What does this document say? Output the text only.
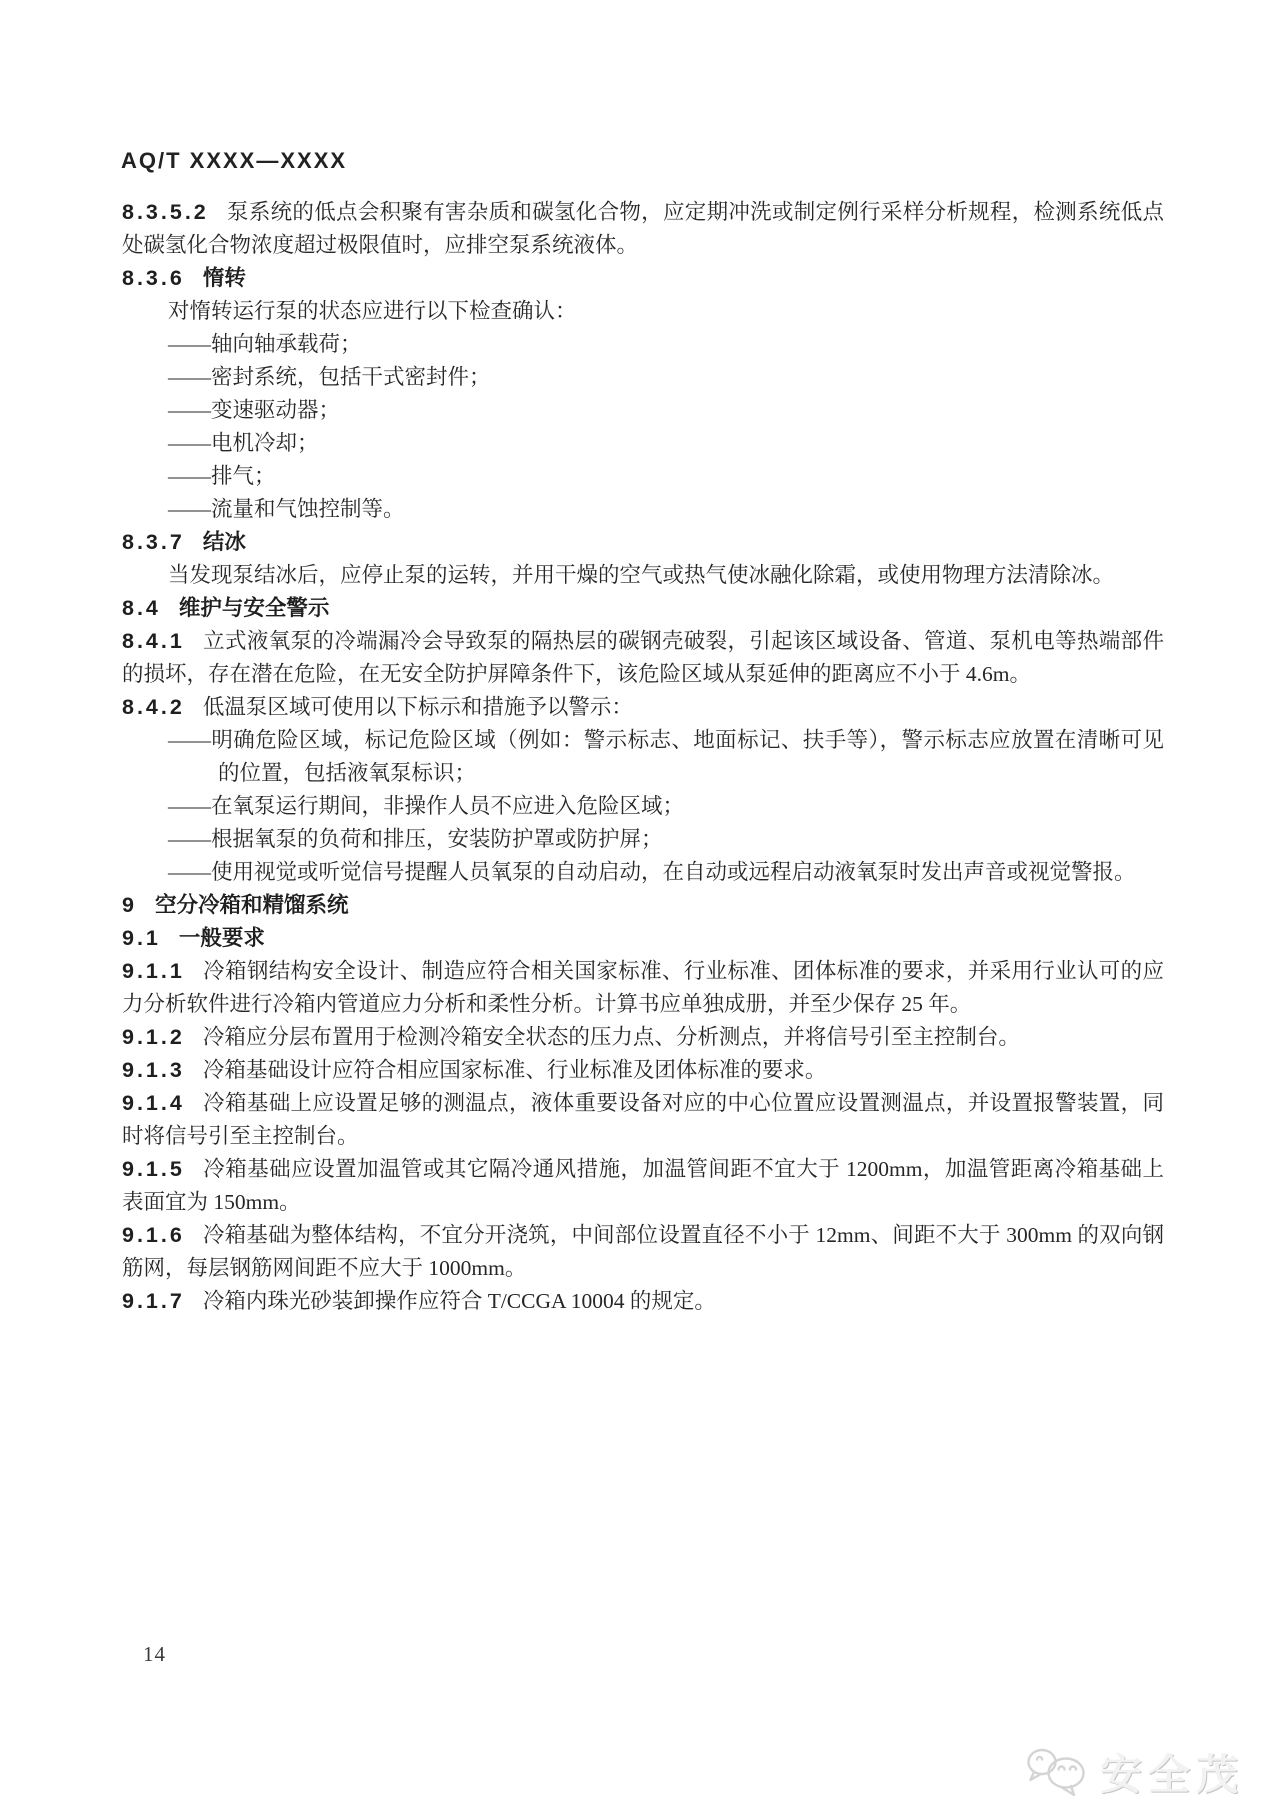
AQ/T XXXX—XXXX
8.3.5.2 泵系统的低点会积聚有害杂质和碳氢化合物，应定期冲洗或制定例行采样分析规程，检测系统低点处碳氢化合物浓度超过极限值时，应排空泵系统液体。
8.3.6 惰转
对惰转运行泵的状态应进行以下检查确认：
——轴向轴承载荷；
——密封系统，包括干式密封件；
——变速驱动器；
——电机冷却；
——排气；
——流量和气蚀控制等。
8.3.7 结冰
当发现泵结冰后，应停止泵的运转，并用干燥的空气或热气使冰融化除霜，或使用物理方法清除冰。
8.4 维护与安全警示
8.4.1 立式液氧泵的冷端漏冷会导致泵的隔热层的碳钢壳破裂，引起该区域设备、管道、泵机电等热端部件的损坏，存在潜在危险，在无安全防护屏障条件下，该危险区域从泵延伸的距离应不小于 4.6m。
8.4.2 低温泵区域可使用以下标示和措施予以警示：
——明确危险区域，标记危险区域（例如：警示标志、地面标记、扶手等），警示标志应放置在清晰可见的位置，包括液氧泵标识；
——在氧泵运行期间，非操作人员不应进入危险区域；
——根据氧泵的负荷和排压，安装防护罩或防护屏；
——使用视觉或听觉信号提醒人员氧泵的自动启动，在自动或远程启动液氧泵时发出声音或视觉警报。
9 空分冷箱和精馏系统
9.1 一般要求
9.1.1 冷箱钢结构安全设计、制造应符合相关国家标准、行业标准、团体标准的要求，并采用行业认可的应力分析软件进行冷箱内管道应力分析和柔性分析。计算书应单独成册，并至少保存 25 年。
9.1.2 冷箱应分层布置用于检测冷箱安全状态的压力点、分析测点，并将信号引至主控制台。
9.1.3 冷箱基础设计应符合相应国家标准、行业标准及团体标准的要求。
9.1.4 冷箱基础上应设置足够的测温点，液体重要设备对应的中心位置应设置测温点，并设置报警装置，同时将信号引至主控制台。
9.1.5 冷箱基础应设置加温管或其它隔冷通风措施，加温管间距不宜大于 1200mm，加温管距离冷箱基础上表面宜为 150mm。
9.1.6 冷箱基础为整体结构，不宜分开浇筑，中间部位设置直径不小于 12mm、间距不大于 300mm 的双向钢筋网，每层钢筋网间距不应大于 1000mm。
9.1.7 冷箱内珠光砂装卸操作应符合 T/CCGA 10004 的规定。
14
安全茂
